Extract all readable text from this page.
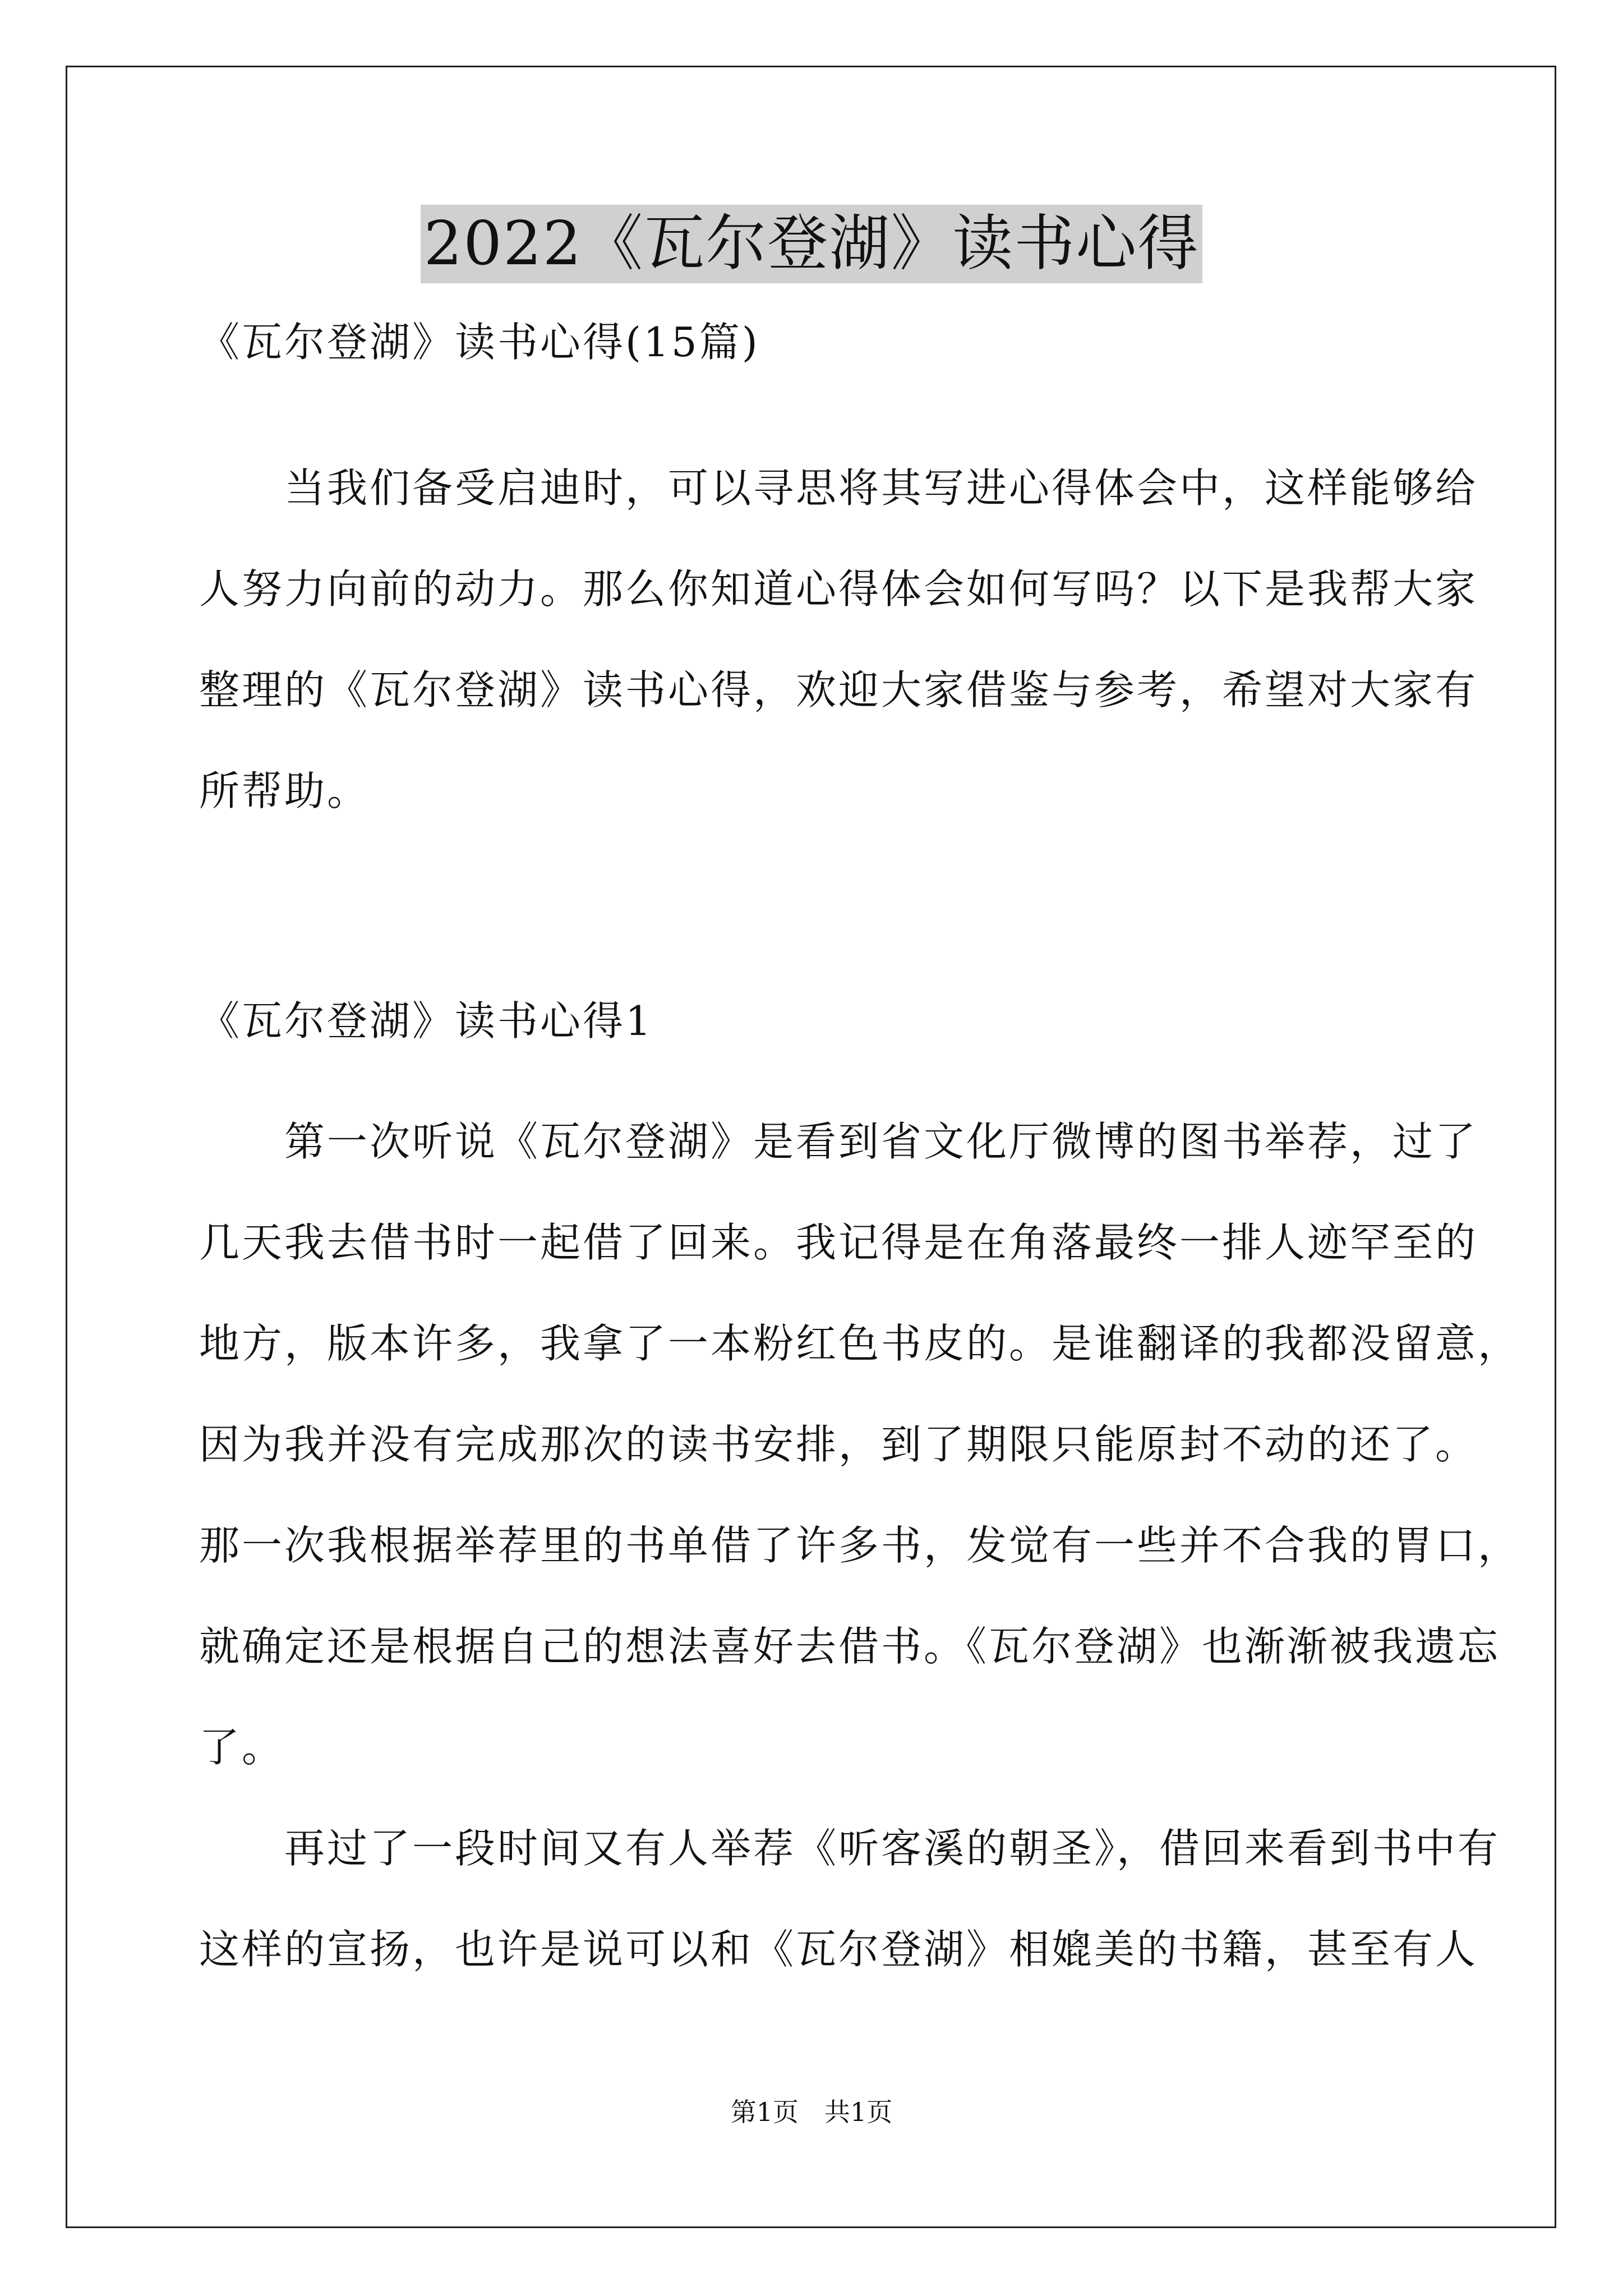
2022《瓦尔登湖》读书心得
《瓦尔登湖》读书心得(15篇)
　　当我们备受启迪时，可以寻思将其写进心得体会中，这样能够给
人努力向前的动力。那么你知道心得体会如何写吗？以下是我帮大家
整理的《瓦尔登湖》读书心得，欢迎大家借鉴与参考，希望对大家有
所帮助。
《瓦尔登湖》读书心得1
　　第一次听说《瓦尔登湖》是看到省文化厅微博的图书举荐，过了
几天我去借书时一起借了回来。我记得是在角落最终一排人迹罕至的
地方，版本许多，我拿了一本粉红色书皮的。是谁翻译的我都没留意，
因为我并没有完成那次的读书安排，到了期限只能原封不动的还了。
那一次我根据举荐里的书单借了许多书，发觉有一些并不合我的胃口，
就确定还是根据自己的想法喜好去借书。《瓦尔登湖》也渐渐被我遗忘
了。
　　再过了一段时间又有人举荐《听客溪的朝圣》，借回来看到书中有
这样的宣扬，也许是说可以和《瓦尔登湖》相媲美的书籍，甚至有人
第1页　共1页
